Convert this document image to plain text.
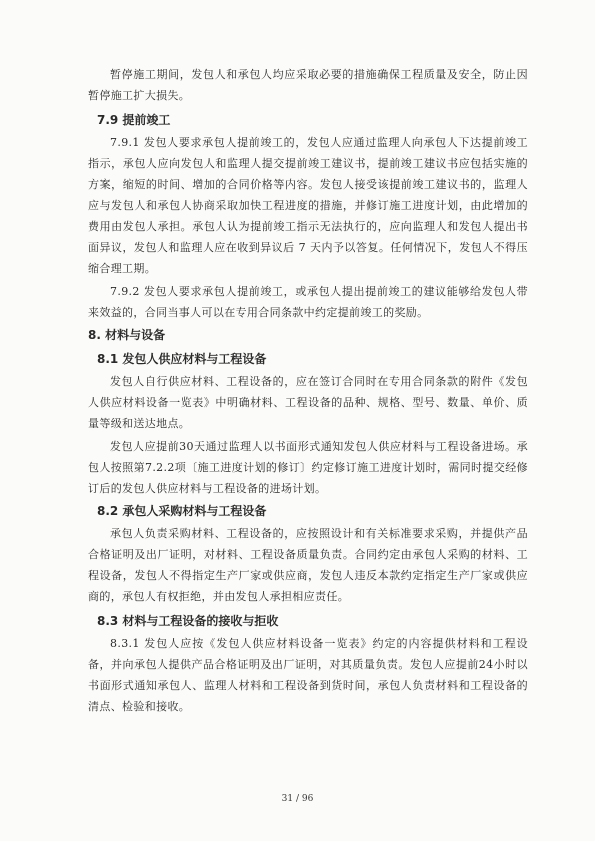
暂停施工期间，发包人和承包人均应采取必要的措施确保工程质量及安全，防止因暂停施工扩大损失。

7.9 提前竣工

7.9.1 发包人要求承包人提前竣工的，发包人应通过监理人向承包人下达提前竣工指示，承包人应向发包人和监理人提交提前竣工建议书，提前竣工建议书应包括实施的方案，缩短的时间、增加的合同价格等内容。发包人接受该提前竣工建议书的，监理人应与发包人和承包人协商采取加快工程进度的措施，并修订施工进度计划，由此增加的费用由发包人承担。承包人认为提前竣工指示无法执行的，应向监理人和发包人提出书面异议，发包人和监理人应在收到异议后 7 天内予以答复。任何情况下，发包人不得压缩合理工期。

7.9.2 发包人要求承包人提前竣工，或承包人提出提前竣工的建议能够给发包人带来效益的，合同当事人可以在专用合同条款中约定提前竣工的奖励。

8. 材料与设备
8.1 发包人供应材料与工程设备

发包人自行供应材料、工程设备的，应在签订合同时在专用合同条款的附件《发包人供应材料设备一览表》中明确材料、工程设备的品种、规格、型号、数量、单价、质量等级和送达地点。

发包人应提前30天通过监理人以书面形式通知发包人供应材料与工程设备进场。承包人按照第7.2.2项〔施工进度计划的修订〕约定修订施工进度计划时，需同时提交经修订后的发包人供应材料与工程设备的进场计划。

8.2 承包人采购材料与工程设备

承包人负责采购材料、工程设备的，应按照设计和有关标准要求采购，并提供产品合格证明及出厂证明，对材料、工程设备质量负责。合同约定由承包人采购的材料、工程设备，发包人不得指定生产厂家或供应商，发包人违反本款约定指定生产厂家或供应商的，承包人有权拒绝，并由发包人承担相应责任。

8.3 材料与工程设备的接收与拒收

8.3.1 发包人应按《发包人供应材料设备一览表》约定的内容提供材料和工程设备，并向承包人提供产品合格证明及出厂证明，对其质量负责。发包人应提前24小时以书面形式通知承包人、监理人材料和工程设备到货时间，承包人负责材料和工程设备的清点、检验和接收。

31 / 96
